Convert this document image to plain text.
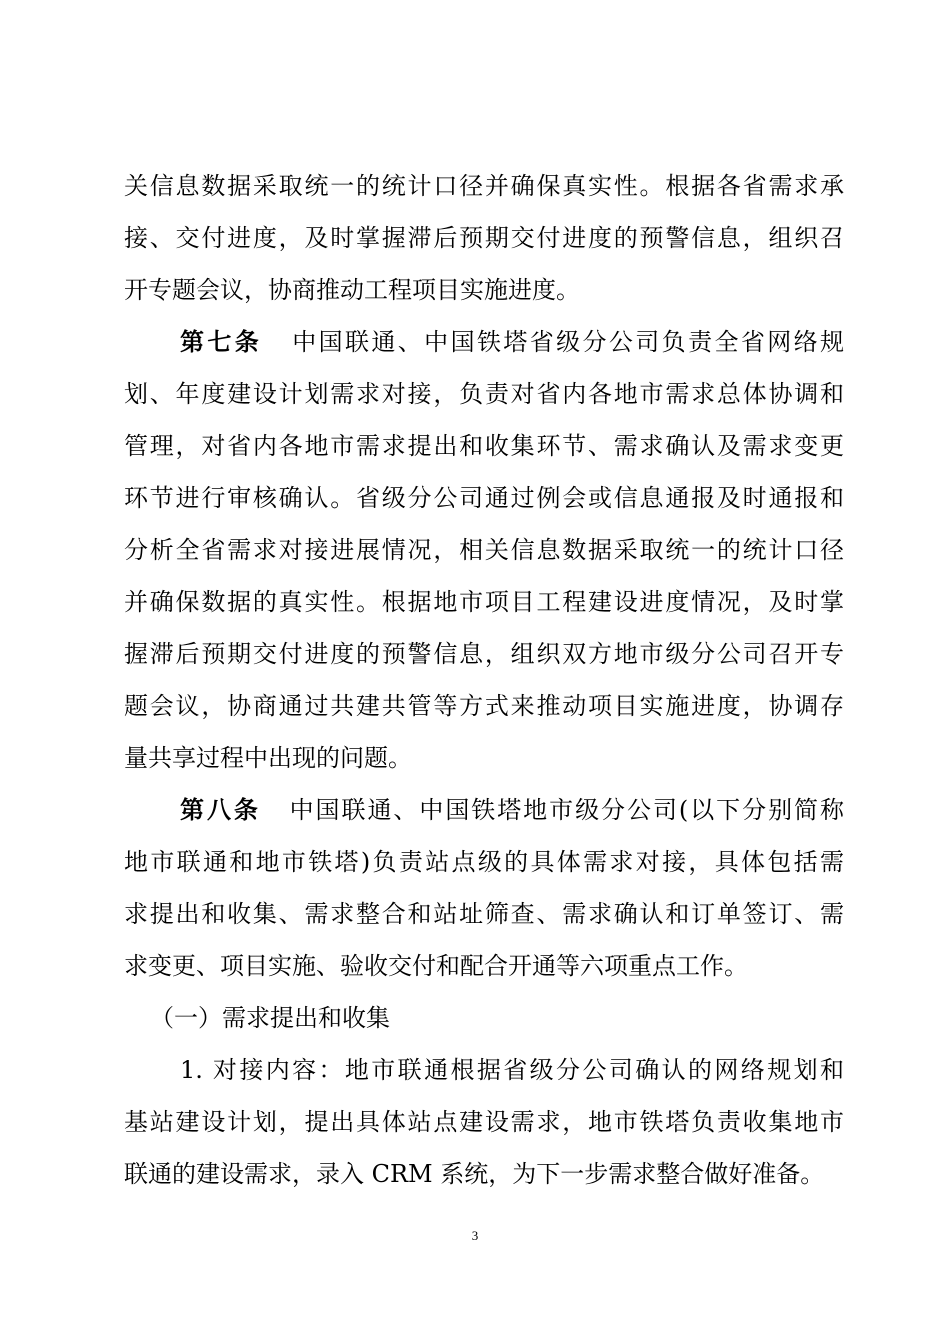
关信息数据采取统一的统计口径并确保真实性。根据各省需求承
接、交付进度，及时掌握滞后预期交付进度的预警信息，组织召
开专题会议，协商推动工程项目实施进度。
第七条 中国联通、中国铁塔省级分公司负责全省网络规
划、年度建设计划需求对接，负责对省内各地市需求总体协调和
管理，对省内各地市需求提出和收集环节、需求确认及需求变更
环节进行审核确认。省级分公司通过例会或信息通报及时通报和
分析全省需求对接进展情况，相关信息数据采取统一的统计口径
并确保数据的真实性。根据地市项目工程建设进度情况，及时掌
握滞后预期交付进度的预警信息，组织双方地市级分公司召开专
题会议，协商通过共建共管等方式来推动项目实施进度，协调存
量共享过程中出现的问题。
第八条 中国联通、中国铁塔地市级分公司(以下分别简称
地市联通和地市铁塔)负责站点级的具体需求对接，具体包括需
求提出和收集、需求整合和站址筛查、需求确认和订单签订、需
求变更、项目实施、验收交付和配合开通等六项重点工作。
（一）需求提出和收集
1. 对接内容：地市联通根据省级分公司确认的网络规划和
基站建设计划，提出具体站点建设需求，地市铁塔负责收集地市
联通的建设需求，录入 CRM 系统，为下一步需求整合做好准备。
3
